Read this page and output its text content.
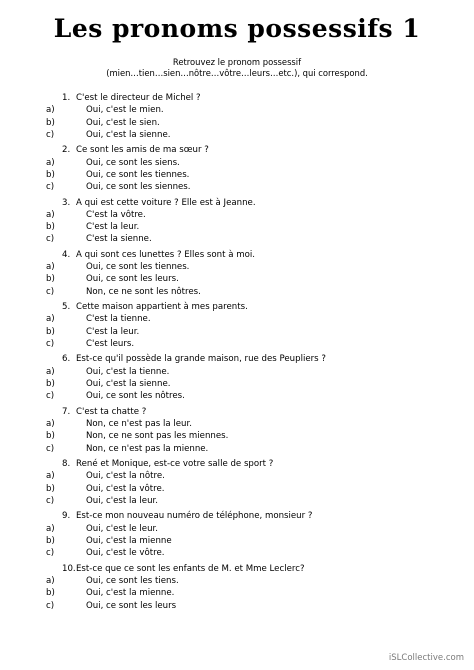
Les pronoms possessifs 1
Retrouvez le pronom possessif
(mien…tien…sien…nôtre…vôtre…leurs…etc.), qui correspond.
1. C'est le directeur de Michel ?
a)	Oui, c'est le mien.
b)	Oui, c'est le sien.
c)	Oui, c'est la sienne.
2. Ce sont les amis de ma sœur ?
a)	Oui, ce sont les siens.
b)	Oui, ce sont les tiennes.
c)	Oui, ce sont les siennes.
3. A qui est cette voiture ? Elle est à Jeanne.
a)	C'est la vôtre.
b)	C'est la leur.
c)	C'est la sienne.
4. A qui sont ces lunettes ? Elles sont à moi.
a)	Oui, ce sont les tiennes.
b)	Oui, ce sont les leurs.
c)	Non, ce ne sont les nôtres.
5. Cette maison appartient à mes parents.
a)	C'est la tienne.
b)	C'est la leur.
c)	C'est leurs.
6. Est-ce qu'il possède la grande maison, rue des Peupliers ?
a)	Oui, c'est la tienne.
b)	Oui, c'est la sienne.
c)	Oui, ce sont les nôtres.
7. C'est ta chatte ?
a)	Non, ce n'est pas la leur.
b)	Non, ce ne sont pas les miennes.
c)	Non, ce n'est pas la mienne.
8. René et Monique, est-ce votre salle de sport ?
a)	Oui, c'est la nôtre.
b)	Oui, c'est la vôtre.
c)	Oui, c'est la leur.
9. Est-ce mon nouveau numéro de téléphone, monsieur ?
a)	Oui, c'est le leur.
b)	Oui, c'est la mienne
c)	Oui, c'est le vôtre.
10. Est-ce que ce sont les enfants de M. et Mme Leclerc?
a)	Oui, ce sont les tiens.
b)	Oui, c'est la mienne.
c)	Oui, ce sont les leurs
iSLCollective.com
